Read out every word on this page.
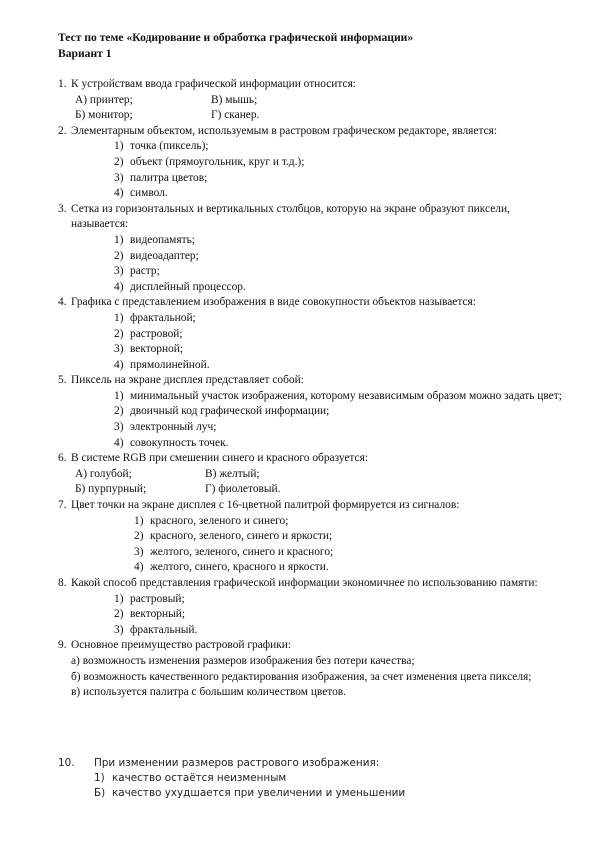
Тест по теме «Кодирование и обработка графической информации»
Вариант 1
1. К устройствам ввода графической информации относится:
А) принтер;	В) мышь;
Б) монитор;	Г) сканер.
2. Элементарным объектом, используемым в растровом графическом редакторе, является:
1) точка (пиксель);
2) объект (прямоугольник, круг и т.д.);
3) палитра цветов;
4) символ.
3. Сетка из горизонтальных и вертикальных столбцов, которую на экране образуют пиксели, называется:
1) видеопамять;
2) видеоадаптер;
3) растр;
4) дисплейный процессор.
4. Графика с представлением изображения в виде совокупности объектов называется:
1) фрактальной;
2) растровой;
3) векторной;
4) прямолинейной.
5. Пиксель на экране дисплея представляет собой:
1) минимальный участок изображения, которому независимым образом можно задать цвет;
2) двоичный код графической информации;
3) электронный луч;
4) совокупность точек.
6. В системе RGB при смешении синего и красного образуется:
А) голубой;	В) желтый;
Б) пурпурный;	Г) фиолетовый.
7. Цвет точки на экране дисплея с 16-цветной палитрой формируется из сигналов:
1) красного, зеленого и синего;
2) красного, зеленого, синего и яркости;
3) желтого, зеленого, синего и красного;
4) желтого, синего, красного и яркости.
8. Какой способ представления графической информации экономичнее по использованию памяти:
1) растровый;
2) векторный;
3) фрактальный.
9. Основное преимущество растровой графики:
а) возможность изменения размеров изображения без потери качества;
б) возможность качественного редактирования изображения, за счет изменения цвета пикселя;
в) используется палитра с большим количеством цветов.
10.	При изменении размеров растрового изображения:
1) качество остаётся неизменным
Б) качество ухудшается при увеличении и уменьшении
